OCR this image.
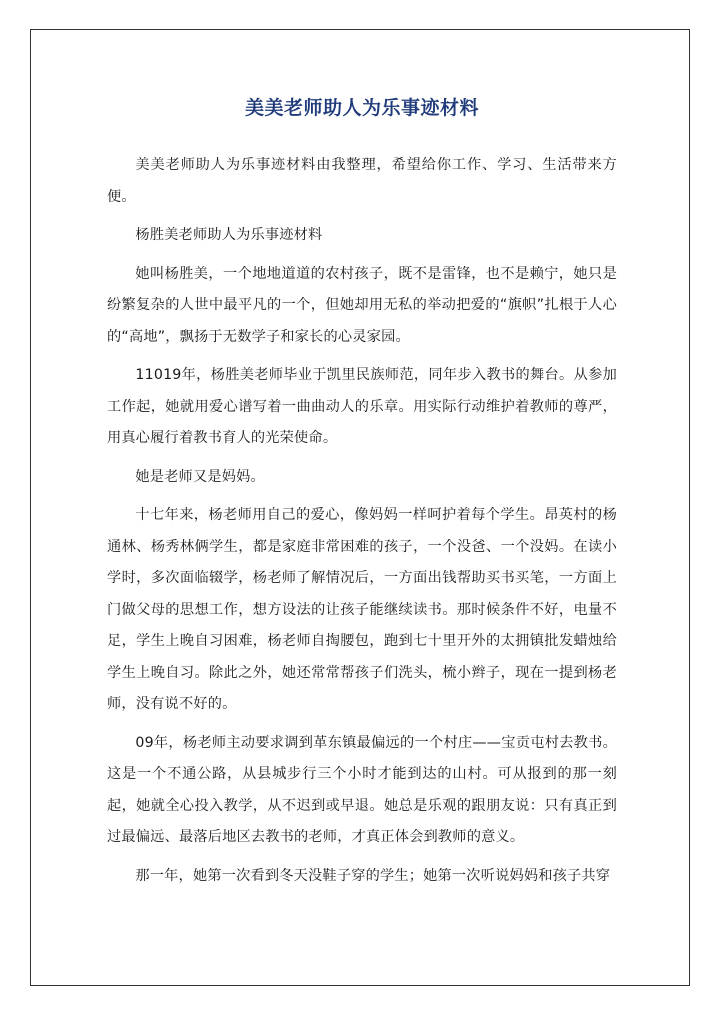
美美老师助人为乐事迹材料

美美老师助人为乐事迹材料由我整理，希望给你工作、学习、生活带来方便。

杨胜美老师助人为乐事迹材料

她叫杨胜美，一个地地道道的农村孩子，既不是雷锋，也不是赖宁，她只是纷繁复杂的人世中最平凡的一个，但她却用无私的举动把爱的“旗帜”扎根于人心的“高地”，飘扬于无数学子和家长的心灵家园。

11019年，杨胜美老师毕业于凯里民族师范，同年步入教书的舞台。从参加工作起，她就用爱心谱写着一曲曲动人的乐章。用实际行动维护着教师的尊严，用真心履行着教书育人的光荣使命。

她是老师又是妈妈。

十七年来，杨老师用自己的爱心，像妈妈一样呵护着每个学生。昂英村的杨通林、杨秀林俩学生，都是家庭非常困难的孩子，一个没爸、一个没妈。在读小学时，多次面临辍学，杨老师了解情况后，一方面出钱帮助买书买笔，一方面上门做父母的思想工作，想方设法的让孩子能继续读书。那时候条件不好，电量不足，学生上晚自习困难，杨老师自掏腰包，跑到七十里开外的太拥镇批发蜡烛给学生上晚自习。除此之外，她还常常帮孩子们洗头，梳小辫子，现在一提到杨老师，没有说不好的。

09年，杨老师主动要求调到革东镇最偏远的一个村庄——宝贡屯村去教书。这是一个不通公路，从县城步行三个小时才能到达的山村。可从报到的那一刻起，她就全心投入教学，从不迟到或早退。她总是乐观的跟朋友说：只有真正到过最偏远、最落后地区去教书的老师，才真正体会到教师的意义。

那一年，她第一次看到冬天没鞋子穿的学生；她第一次听说妈妈和孩子共穿
